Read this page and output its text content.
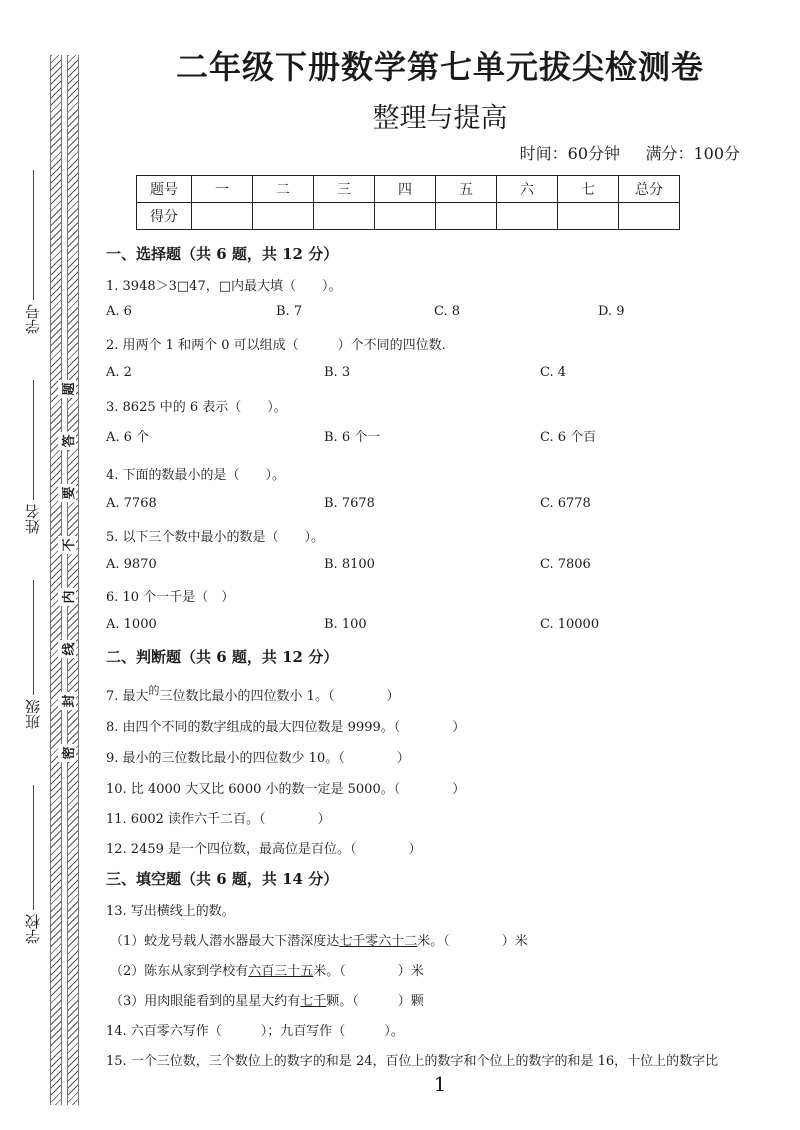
学号
姓名
班级
学校
题
答
要
不
内
线
封
密
二年级下册数学第七单元拔尖检测卷
整理与提高
时间：60分钟 满分：100分
题号	一	二	三	四	五	六	七	总分
得分								
一、选择题（共 6 题，共 12 分）
1. 3948＞3□47，□内最大填（　　）。
A. 6	B. 7	C. 8	D. 9
2. 用两个 1 和两个 0 可以组成（　　　）个不同的四位数.
A. 2	B. 3	C. 4
3. 8625 中的 6 表示（　　）。
A. 6 个	B. 6 个一	C. 6 个百
4. 下面的数最小的是（　　）。
A. 7768	B. 7678	C. 6778
5. 以下三个数中最小的数是（　　）。
A. 9870	B. 8100	C. 7806
6. 10 个一千是（　）
A. 1000	B. 100	C. 10000
二、判断题（共 6 题，共 12 分）
7. 最大$^的$三位数比最小的四位数小 1。（　　　　）
8. 由四个不同的数字组成的最大四位数是 9999。（　　　　）
9. 最小的三位数比最小的四位数少 10。（　　　　）
10. 比 4000 大又比 6000 小的数一定是 5000。（　　　　）
11. 6002 读作六千二百。（　　　　）
12. 2459 是一个四位数，最高位是百位。（　　　　）
三、填空题（共 6 题，共 14 分）
13. 写出横线上的数。
（1）蛟龙号载人潜水器最大下潜深度达七千零六十二米。（　　　　）米
（2）陈东从家到学校有六百三十五米。（　　　　）米
（3）用肉眼能看到的星星大约有七千颗。（　　　）颗
14. 六百零六写作（　　　）；九百写作（　　　）。
15. 一个三位数，三个数位上的数字的和是 24，百位上的数字和个位上的数字的和是 16，十位上的数字比
1
